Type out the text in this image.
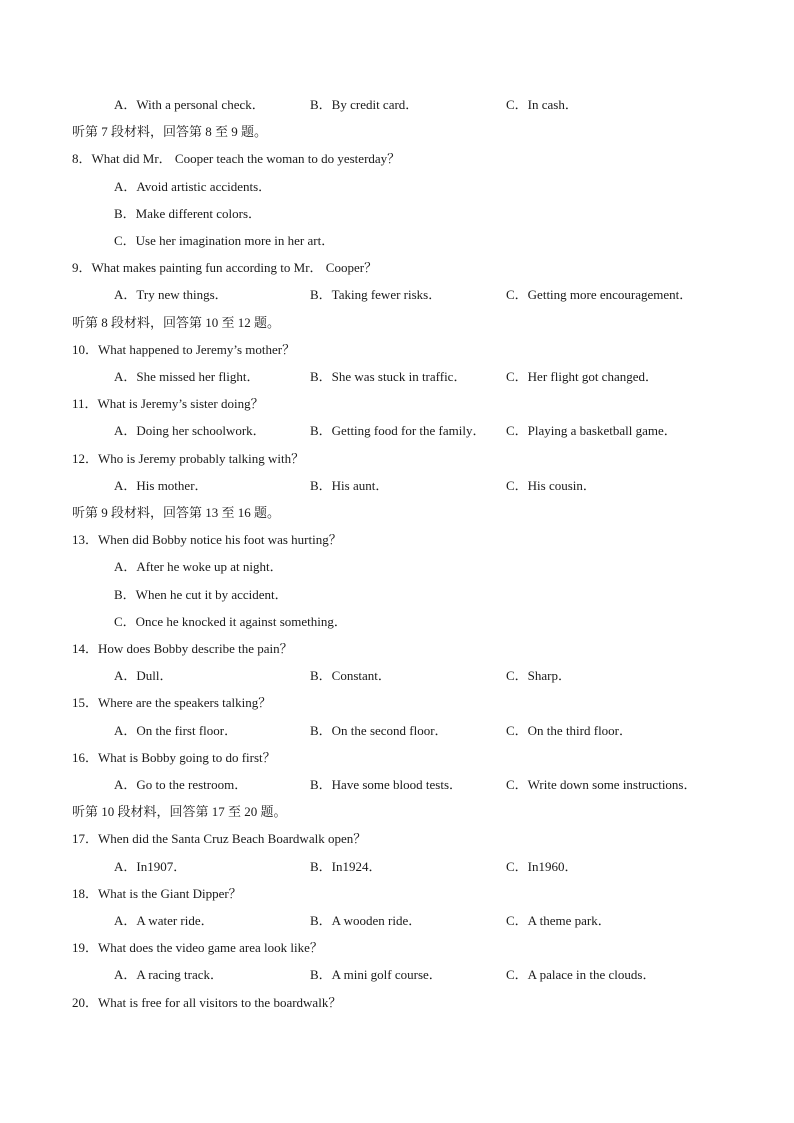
A．With a personal check．	B．By credit card．	C．In cash．
听第 7 段材料，回答第 8 至 9 题。
8．What did Mr． Cooper teach the woman to do yesterday？
A．Avoid artistic accidents．
B．Make different colors．
C．Use her imagination more in her art．
9．What makes painting fun according to Mr． Cooper？
A．Try new things．	B．Taking fewer risks．	C．Getting more encouragement．
听第 8 段材料，回答第 10 至 12 题。
10．What happened to Jeremy’s mother？
A．She missed her flight．	B．She was stuck in traffic．	C．Her flight got changed．
11．What is Jeremy’s sister doing？
A．Doing her schoolwork．	B．Getting food for the family． C．Playing a basketball game．
12．Who is Jeremy probably talking with？
A．His mother．	B．His aunt．	C．His cousin．
听第 9 段材料，回答第 13 至 16 题。
13．When did Bobby notice his foot was hurting？
A．After he woke up at night．
B．When he cut it by accident．
C．Once he knocked it against something．
14．How does Bobby describe the pain？
A．Dull．	B．Constant．	C．Sharp．
15．Where are the speakers talking？
A．On the first floor．	B．On the second floor．	C．On the third floor．
16．What is Bobby going to do first？
A．Go to the restroom．	B．Have some blood tests．	C．Write down some instructions．
听第 10 段材料，回答第 17 至 20 题。
17．When did the Santa Cruz Beach Boardwalk open？
A．In1907．	B．In1924．	C．In1960．
18．What is the Giant Dipper？
A．A water ride．	B．A wooden ride．	C．A theme park．
19．What does the video game area look like？
A．A racing track．	B．A mini golf course．	C．A palace in the clouds．
20．What is free for all visitors to the boardwalk？
